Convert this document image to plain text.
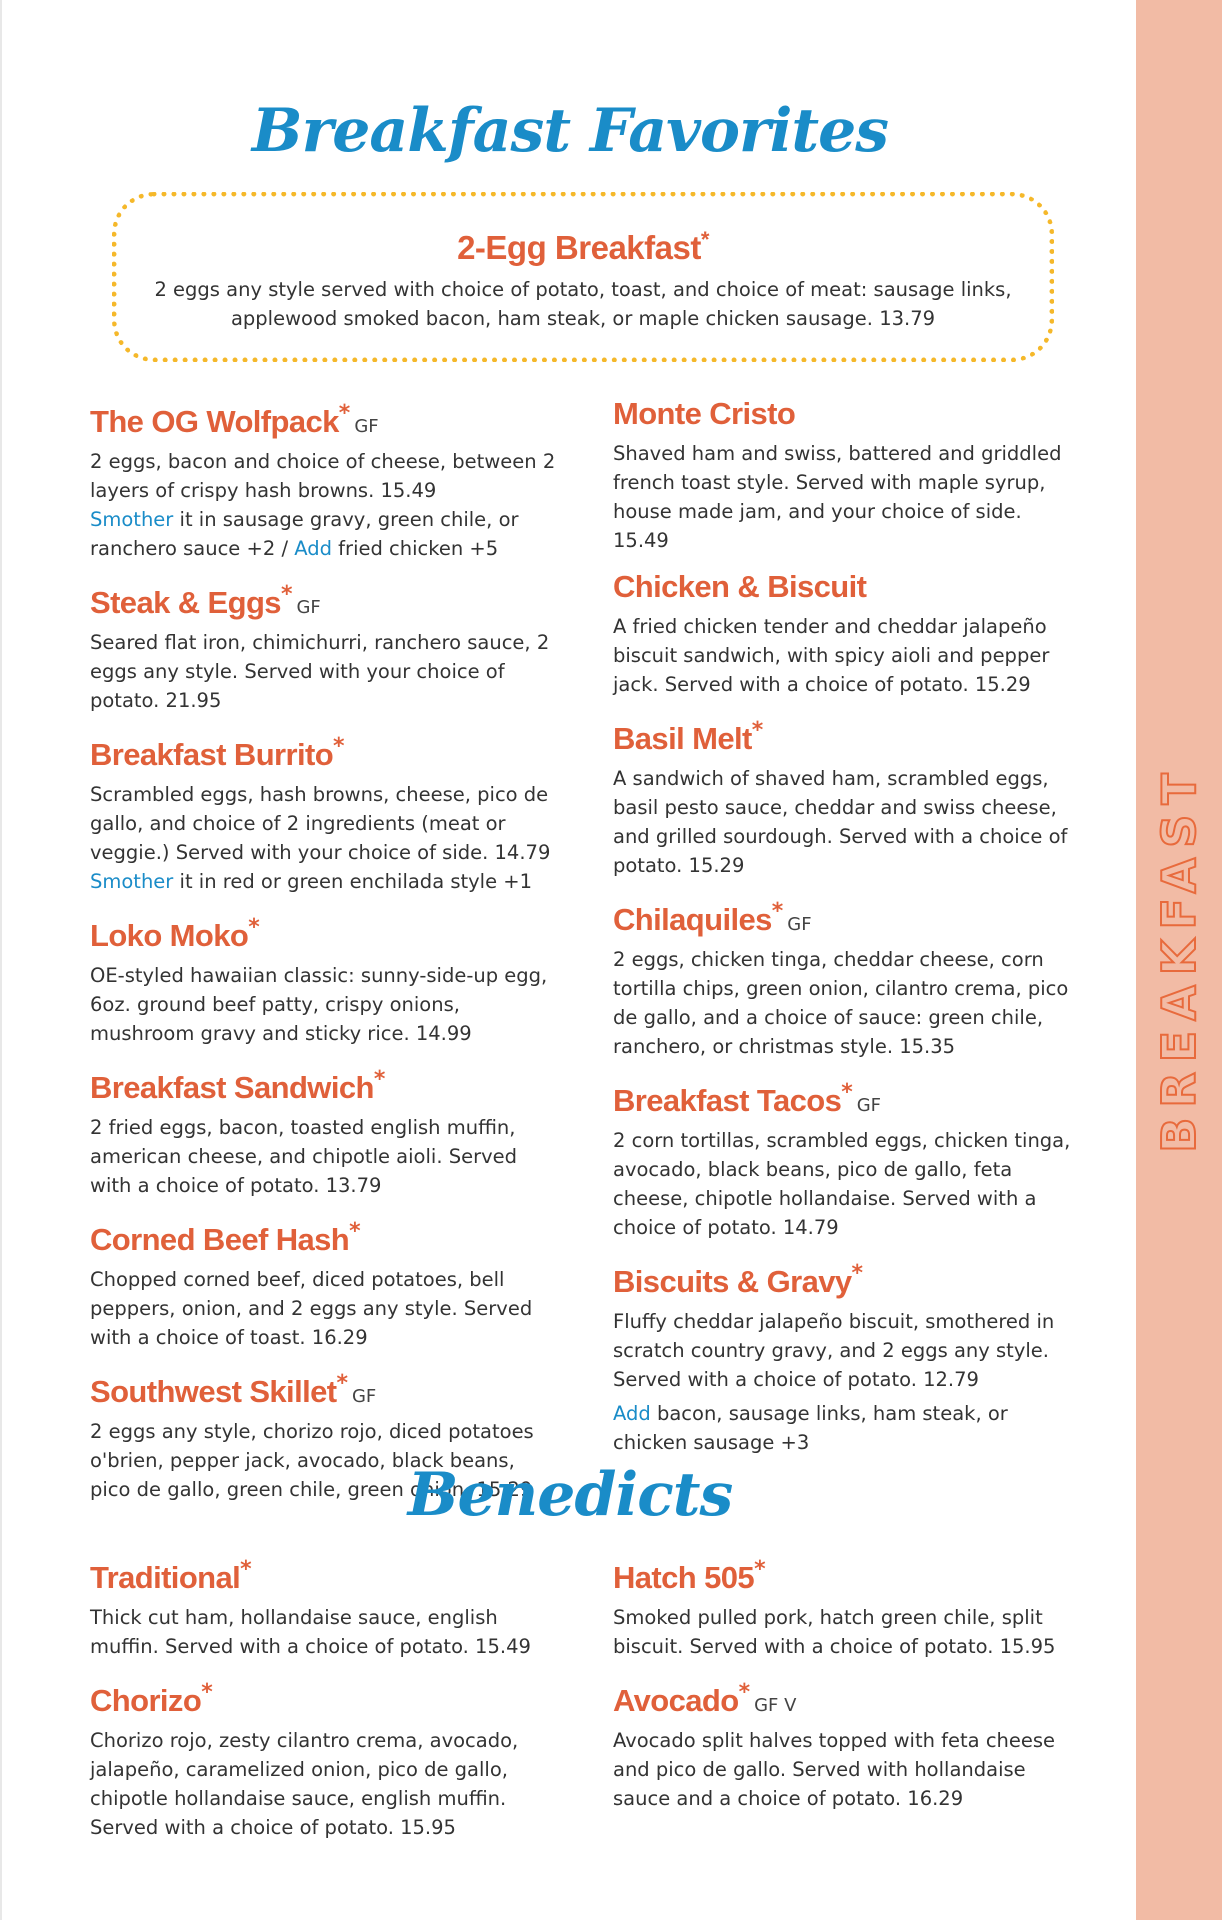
Breakfast Favorites
2-Egg Breakfast*

2 eggs any style served with choice of potato, toast, and choice of meat: sausage links, applewood smoked bacon, ham steak, or maple chicken sausage. 13.79

The OG Wolfpack*GF

2 eggs, bacon and choice of cheese, between 2 layers of crispy hash browns. 15.49

Smother it in sausage gravy, green chile, or ranchero sauce +2 / Add fried chicken +5

Steak & Eggs*GF

Seared flat iron, chimichurri, ranchero sauce, 2 eggs any style. Served with your choice of potato. 21.95

Breakfast Burrito*

Scrambled eggs, hash browns, cheese, pico de gallo, and choice of 2 ingredients (meat or veggie.) Served with your choice of side. 14.79

Smother it in red or green enchilada style +1

Loko Moko*

OE-styled hawaiian classic: sunny-side-up egg, 6oz. ground beef patty, crispy onions, mushroom gravy and sticky rice. 14.99

Breakfast Sandwich*

2 fried eggs, bacon, toasted english muffin, american cheese, and chipotle aioli. Served with a choice of potato. 13.79

Corned Beef Hash*

Chopped corned beef, diced potatoes, bell peppers, onion, and 2 eggs any style. Served with a choice of toast. 16.29

Southwest Skillet*GF

2 eggs any style, chorizo rojo, diced potatoes o'brien, pepper jack, avocado, black beans, pico de gallo, green chile, green onion. 15.29

Monte Cristo

Shaved ham and swiss, battered and griddled french toast style. Served with maple syrup, house made jam, and your choice of side. 15.49

Chicken & Biscuit

A fried chicken tender and cheddar jalapeño biscuit sandwich, with spicy aioli and pepper jack. Served with a choice of potato. 15.29

Basil Melt*

A sandwich of shaved ham, scrambled eggs, basil pesto sauce, cheddar and swiss cheese, and grilled sourdough. Served with a choice of potato. 15.29

Chilaquiles*GF

2 eggs, chicken tinga, cheddar cheese, corn tortilla chips, green onion, cilantro crema, pico de gallo, and a choice of sauce: green chile, ranchero, or christmas style. 15.35

Breakfast Tacos*GF

2 corn tortillas, scrambled eggs, chicken tinga, avocado, black beans, pico de gallo, feta cheese, chipotle hollandaise. Served with a choice of potato. 14.79

Biscuits & Gravy*

Fluffy cheddar jalapeño biscuit, smothered in scratch country gravy, and 2 eggs any style. Served with a choice of potato. 12.79

Add bacon, sausage links, ham steak, or chicken sausage +3

Benedicts
Traditional*

Thick cut ham, hollandaise sauce, english muffin. Served with a choice of potato. 15.49

Chorizo*

Chorizo rojo, zesty cilantro crema, avocado, jalapeño, caramelized onion, pico de gallo, chipotle hollandaise sauce, english muffin. Served with a choice of potato. 15.95

Hatch 505*

Smoked pulled pork, hatch green chile, split biscuit. Served with a choice of potato. 15.95

Avocado*GF V

Avocado split halves topped with feta cheese and pico de gallo. Served with hollandaise sauce and a choice of potato. 16.29

BREAKFAST
